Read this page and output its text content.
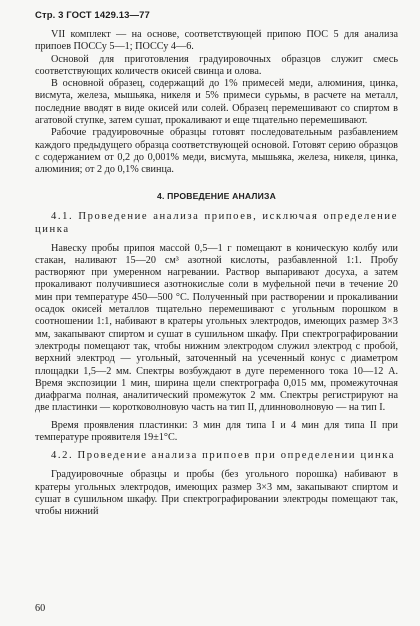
Стр. 3 ГОСТ 1429.13—77

VII комплект — на основе, соответствующей припою ПОС 5 для анализа припоев ПОССу 5—1; ПОССу 4—6.

Основой для приготовления градуировочных образцов служит смесь соответствующих количеств окисей свинца и олова.

В основной образец, содержащий до 1% примесей меди, алюминия, цинка, висмута, железа, мышьяка, никеля и 5% примеси сурьмы, в расчете на металл, последние вводят в виде окисей или солей. Образец перемешивают со спиртом в агатовой ступке, затем сушат, прокаливают и еще тщательно перемешивают.

Рабочие градуировочные образцы готовят последовательным разбавлением каждого предыдущего образца соответствующей основой. Готовят серию образцов с содержанием от 0,2 до 0,001% меди, висмута, мышьяка, железа, никеля, цинка, алюминия; от 2 до 0,1% свинца.

4. ПРОВЕДЕНИЕ АНАЛИЗА

4.1. Проведение анализа припоев, исключая определение цинка

Навеску пробы припоя массой 0,5—1 г помещают в коническую колбу или стакан, наливают 15—20 см³ азотной кислоты, разбавленной 1:1. Пробу растворяют при умеренном нагревании. Раствор выпаривают досуха, а затем прокаливают получившиеся азотнокислые соли в муфельной печи в течение 20 мин при температуре 450—500 °С. Полученный при растворении и прокаливании осадок окисей металлов тщательно перемешивают с угольным порошком в соотношении 1:1, набивают в кратеры угольных электродов, имеющих размер 3×3 мм, закапывают спиртом и сушат в сушильном шкафу. При спектрографировании электроды помещают так, чтобы нижним электродом служил электрод с пробой, верхний электрод — угольный, заточенный на усеченный конус с диаметром площадки 1,5—2 мм. Спектры возбуждают в дуге переменного тока 10—12 А. Время экспозиции 1 мин, ширина щели спектрографа 0,015 мм, промежуточная диафрагма полная, аналитический промежуток 2 мм. Спектры регистрируют на две пластинки — коротковолновую часть на тип II, длинноволновую — на тип I.

Время проявления пластинки: 3 мин для типа I и 4 мин для типа II при температуре проявителя 19±1°С.

4.2. Проведение анализа припоев при определении цинка

Градуировочные образцы и пробы (без угольного порошка) набивают в кратеры угольных электродов, имеющих размер 3×3 мм, закапывают спиртом и сушат в сушильном шкафу. При спектрографировании электроды помещают так, чтобы нижний

60
